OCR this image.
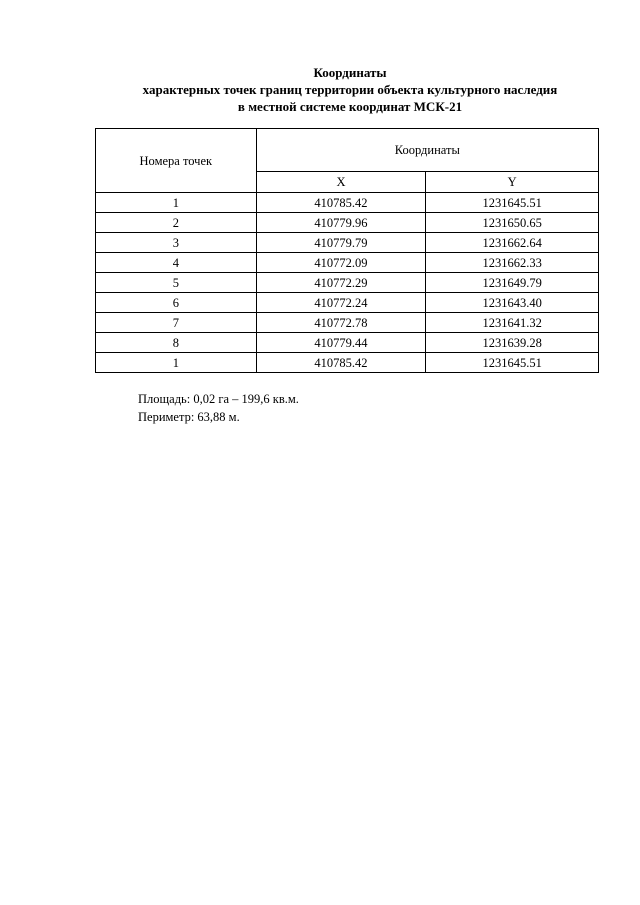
Координаты
характерных точек границ территории объекта культурного наследия
в местной системе координат МСК-21
Номера точек	Координаты	
	X	Y
1	410785.42	1231645.51
2	410779.96	1231650.65
3	410779.79	1231662.64
4	410772.09	1231662.33
5	410772.29	1231649.79
6	410772.24	1231643.40
7	410772.78	1231641.32
8	410779.44	1231639.28
1	410785.42	1231645.51
Площадь: 0,02 га – 199,6 кв.м.
Периметр: 63,88 м.
